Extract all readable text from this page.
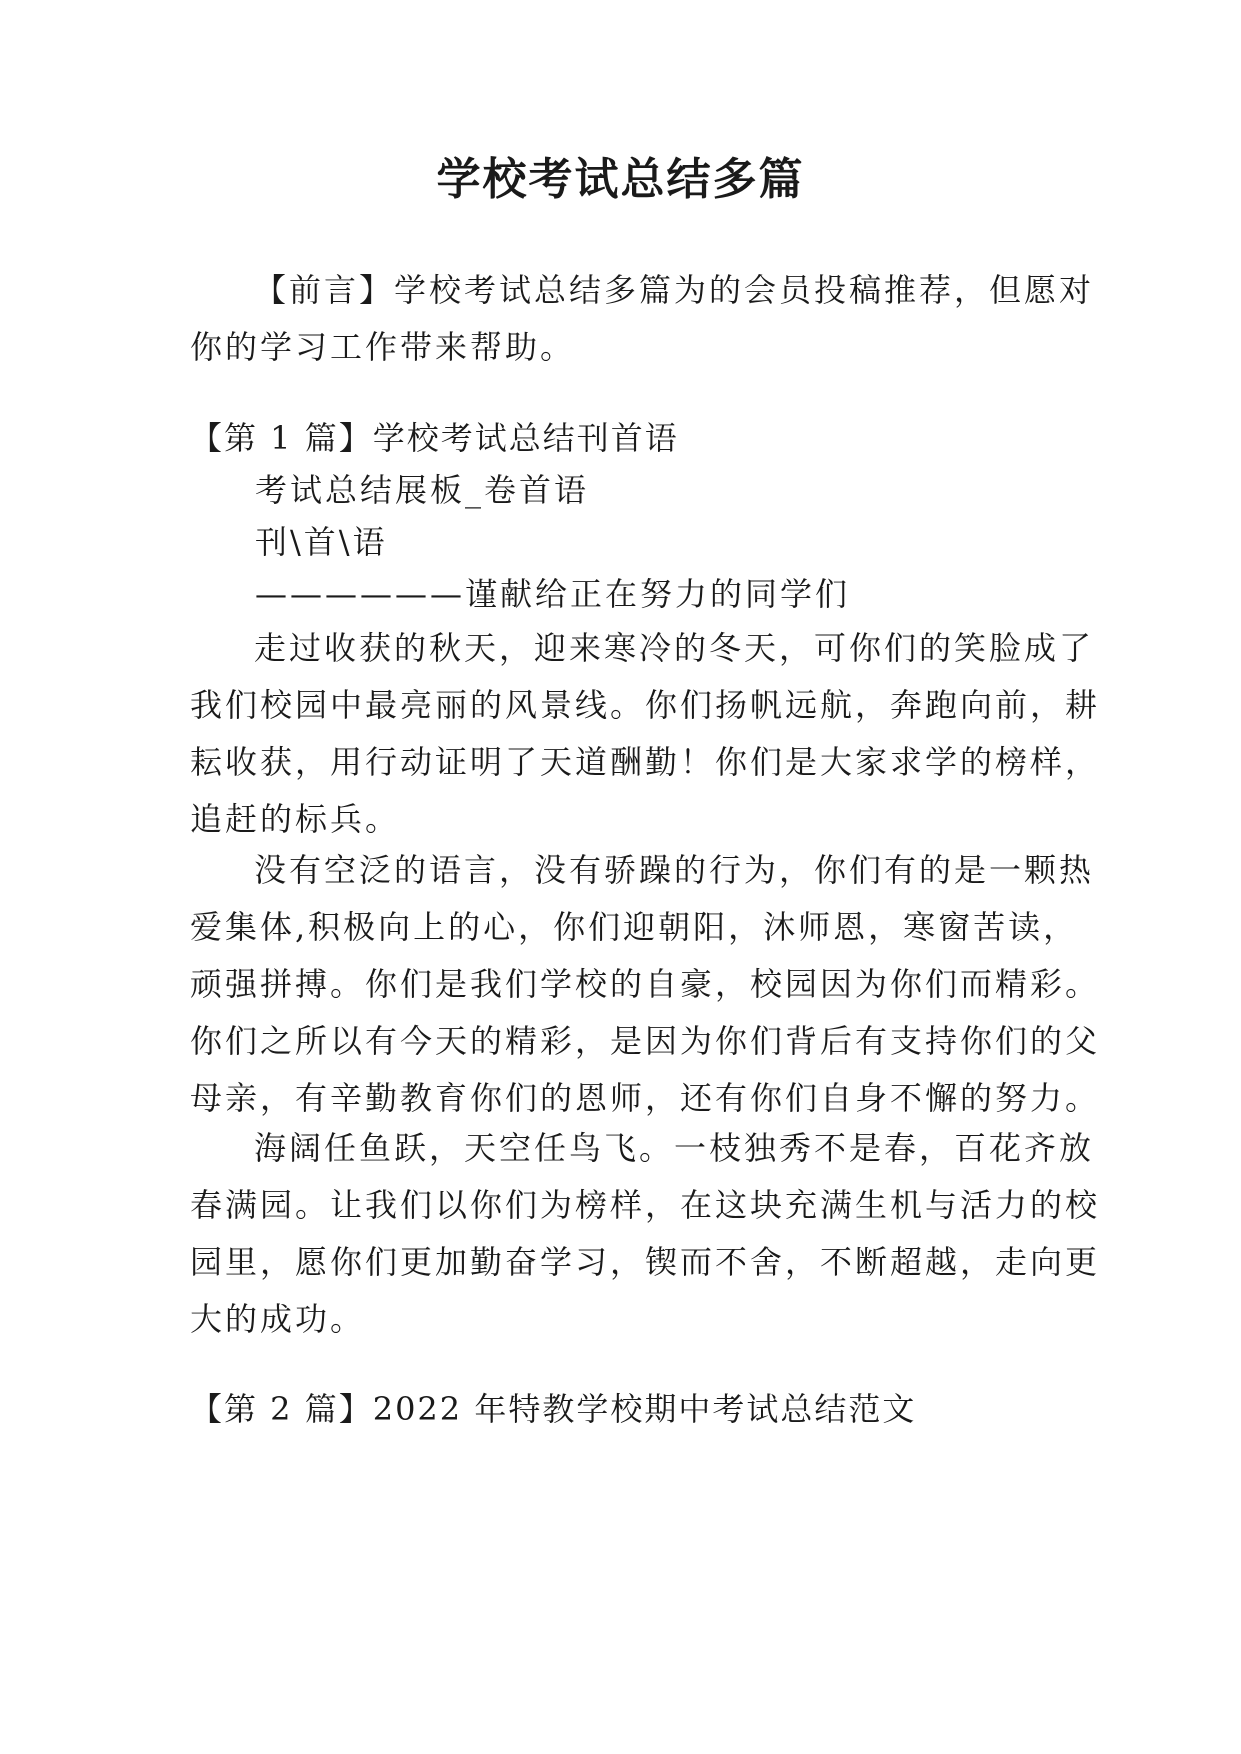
学校考试总结多篇
【前言】学校考试总结多篇为的会员投稿推荐，但愿对
你的学习工作带来帮助。

【第 1 篇】学校考试总结刊首语

考试总结展板_卷首语

刊\首\语

——————谨献给正在努力的同学们

走过收获的秋天，迎来寒冷的冬天，可你们的笑脸成了
我们校园中最亮丽的风景线。你们扬帆远航，奔跑向前，耕
耘收获，用行动证明了天道酬勤！你们是大家求学的榜样，
追赶的标兵。
没有空泛的语言，没有骄躁的行为，你们有的是一颗热
爱集体,积极向上的心，你们迎朝阳，沐师恩，寒窗苦读，
顽强拼搏。你们是我们学校的自豪，校园因为你们而精彩。
你们之所以有今天的精彩，是因为你们背后有支持你们的父
母亲，有辛勤教育你们的恩师，还有你们自身不懈的努力。
海阔任鱼跃，天空任鸟飞。一枝独秀不是春，百花齐放
春满园。让我们以你们为榜样，在这块充满生机与活力的校
园里，愿你们更加勤奋学习，锲而不舍，不断超越，走向更
大的成功。

【第 2 篇】2022 年特教学校期中考试总结范文
